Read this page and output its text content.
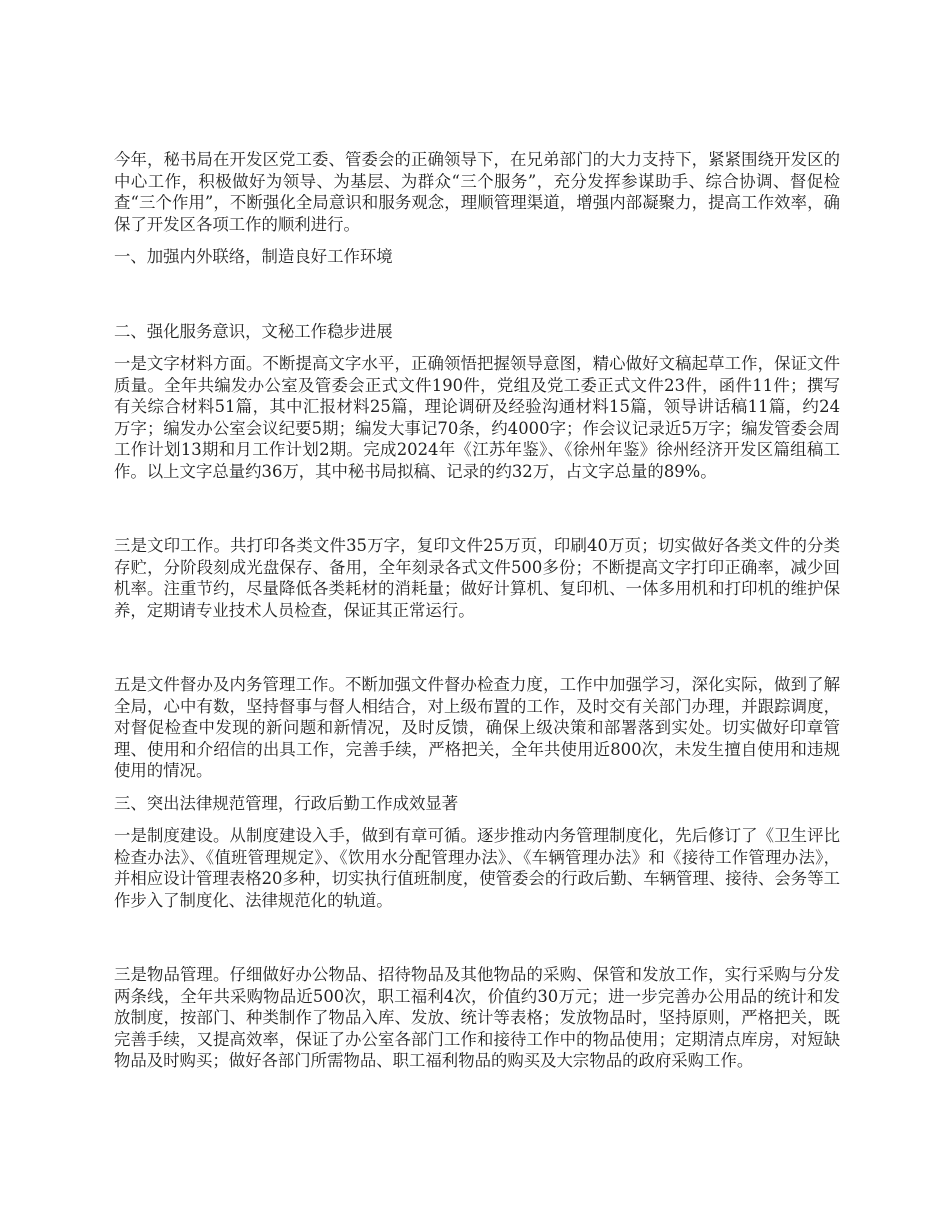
今年，秘书局在开发区党工委、管委会的正确领导下，在兄弟部门的大力支持下，紧紧围绕开发区的中心工作，积极做好为领导、为基层、为群众“三个服务”，充分发挥参谋助手、综合协调、督促检查“三个作用”，不断强化全局意识和服务观念，理顺管理渠道，增强内部凝聚力，提高工作效率，确保了开发区各项工作的顺利进行。

一、加强内外联络，制造良好工作环境

二、强化服务意识，文秘工作稳步进展

一是文字材料方面。不断提高文字水平，正确领悟把握领导意图，精心做好文稿起草工作，保证文件质量。全年共编发办公室及管委会正式文件190件，党组及党工委正式文件23件，函件11件；撰写有关综合材料51篇，其中汇报材料25篇，理论调研及经验沟通材料15篇，领导讲话稿11篇，约24万字；编发办公室会议纪要5期；编发大事记70条，约4000字；作会议记录近5万字；编发管委会周工作计划13期和月工作计划2期。完成2024年《江苏年鉴》、《徐州年鉴》徐州经济开发区篇组稿工作。以上文字总量约36万，其中秘书局拟稿、记录的约32万，占文字总量的89%。

三是文印工作。共打印各类文件35万字，复印文件25万页，印刷40万页；切实做好各类文件的分类存贮，分阶段刻成光盘保存、备用，全年刻录各式文件500多份；不断提高文字打印正确率，减少回机率。注重节约，尽量降低各类耗材的消耗量；做好计算机、复印机、一体多用机和打印机的维护保养，定期请专业技术人员检查，保证其正常运行。

五是文件督办及内务管理工作。不断加强文件督办检查力度，工作中加强学习，深化实际，做到了解全局，心中有数，坚持督事与督人相结合，对上级布置的工作，及时交有关部门办理，并跟踪调度，对督促检查中发现的新问题和新情况，及时反馈，确保上级决策和部署落到实处。切实做好印章管理、使用和介绍信的出具工作，完善手续，严格把关，全年共使用近800次，未发生擅自使用和违规使用的情况。

三、突出法律规范管理，行政后勤工作成效显著

一是制度建设。从制度建设入手，做到有章可循。逐步推动内务管理制度化，先后修订了《卫生评比检查办法》、《值班管理规定》、《饮用水分配管理办法》、《车辆管理办法》和《接待工作管理办法》，并相应设计管理表格20多种，切实执行值班制度，使管委会的行政后勤、车辆管理、接待、会务等工作步入了制度化、法律规范化的轨道。

三是物品管理。仔细做好办公物品、招待物品及其他物品的采购、保管和发放工作，实行采购与分发两条线，全年共采购物品近500次，职工福利4次，价值约30万元；进一步完善办公用品的统计和发放制度，按部门、种类制作了物品入库、发放、统计等表格；发放物品时，坚持原则，严格把关，既完善手续，又提高效率，保证了办公室各部门工作和接待工作中的物品使用；定期清点库房，对短缺物品及时购买；做好各部门所需物品、职工福利物品的购买及大宗物品的政府采购工作。
